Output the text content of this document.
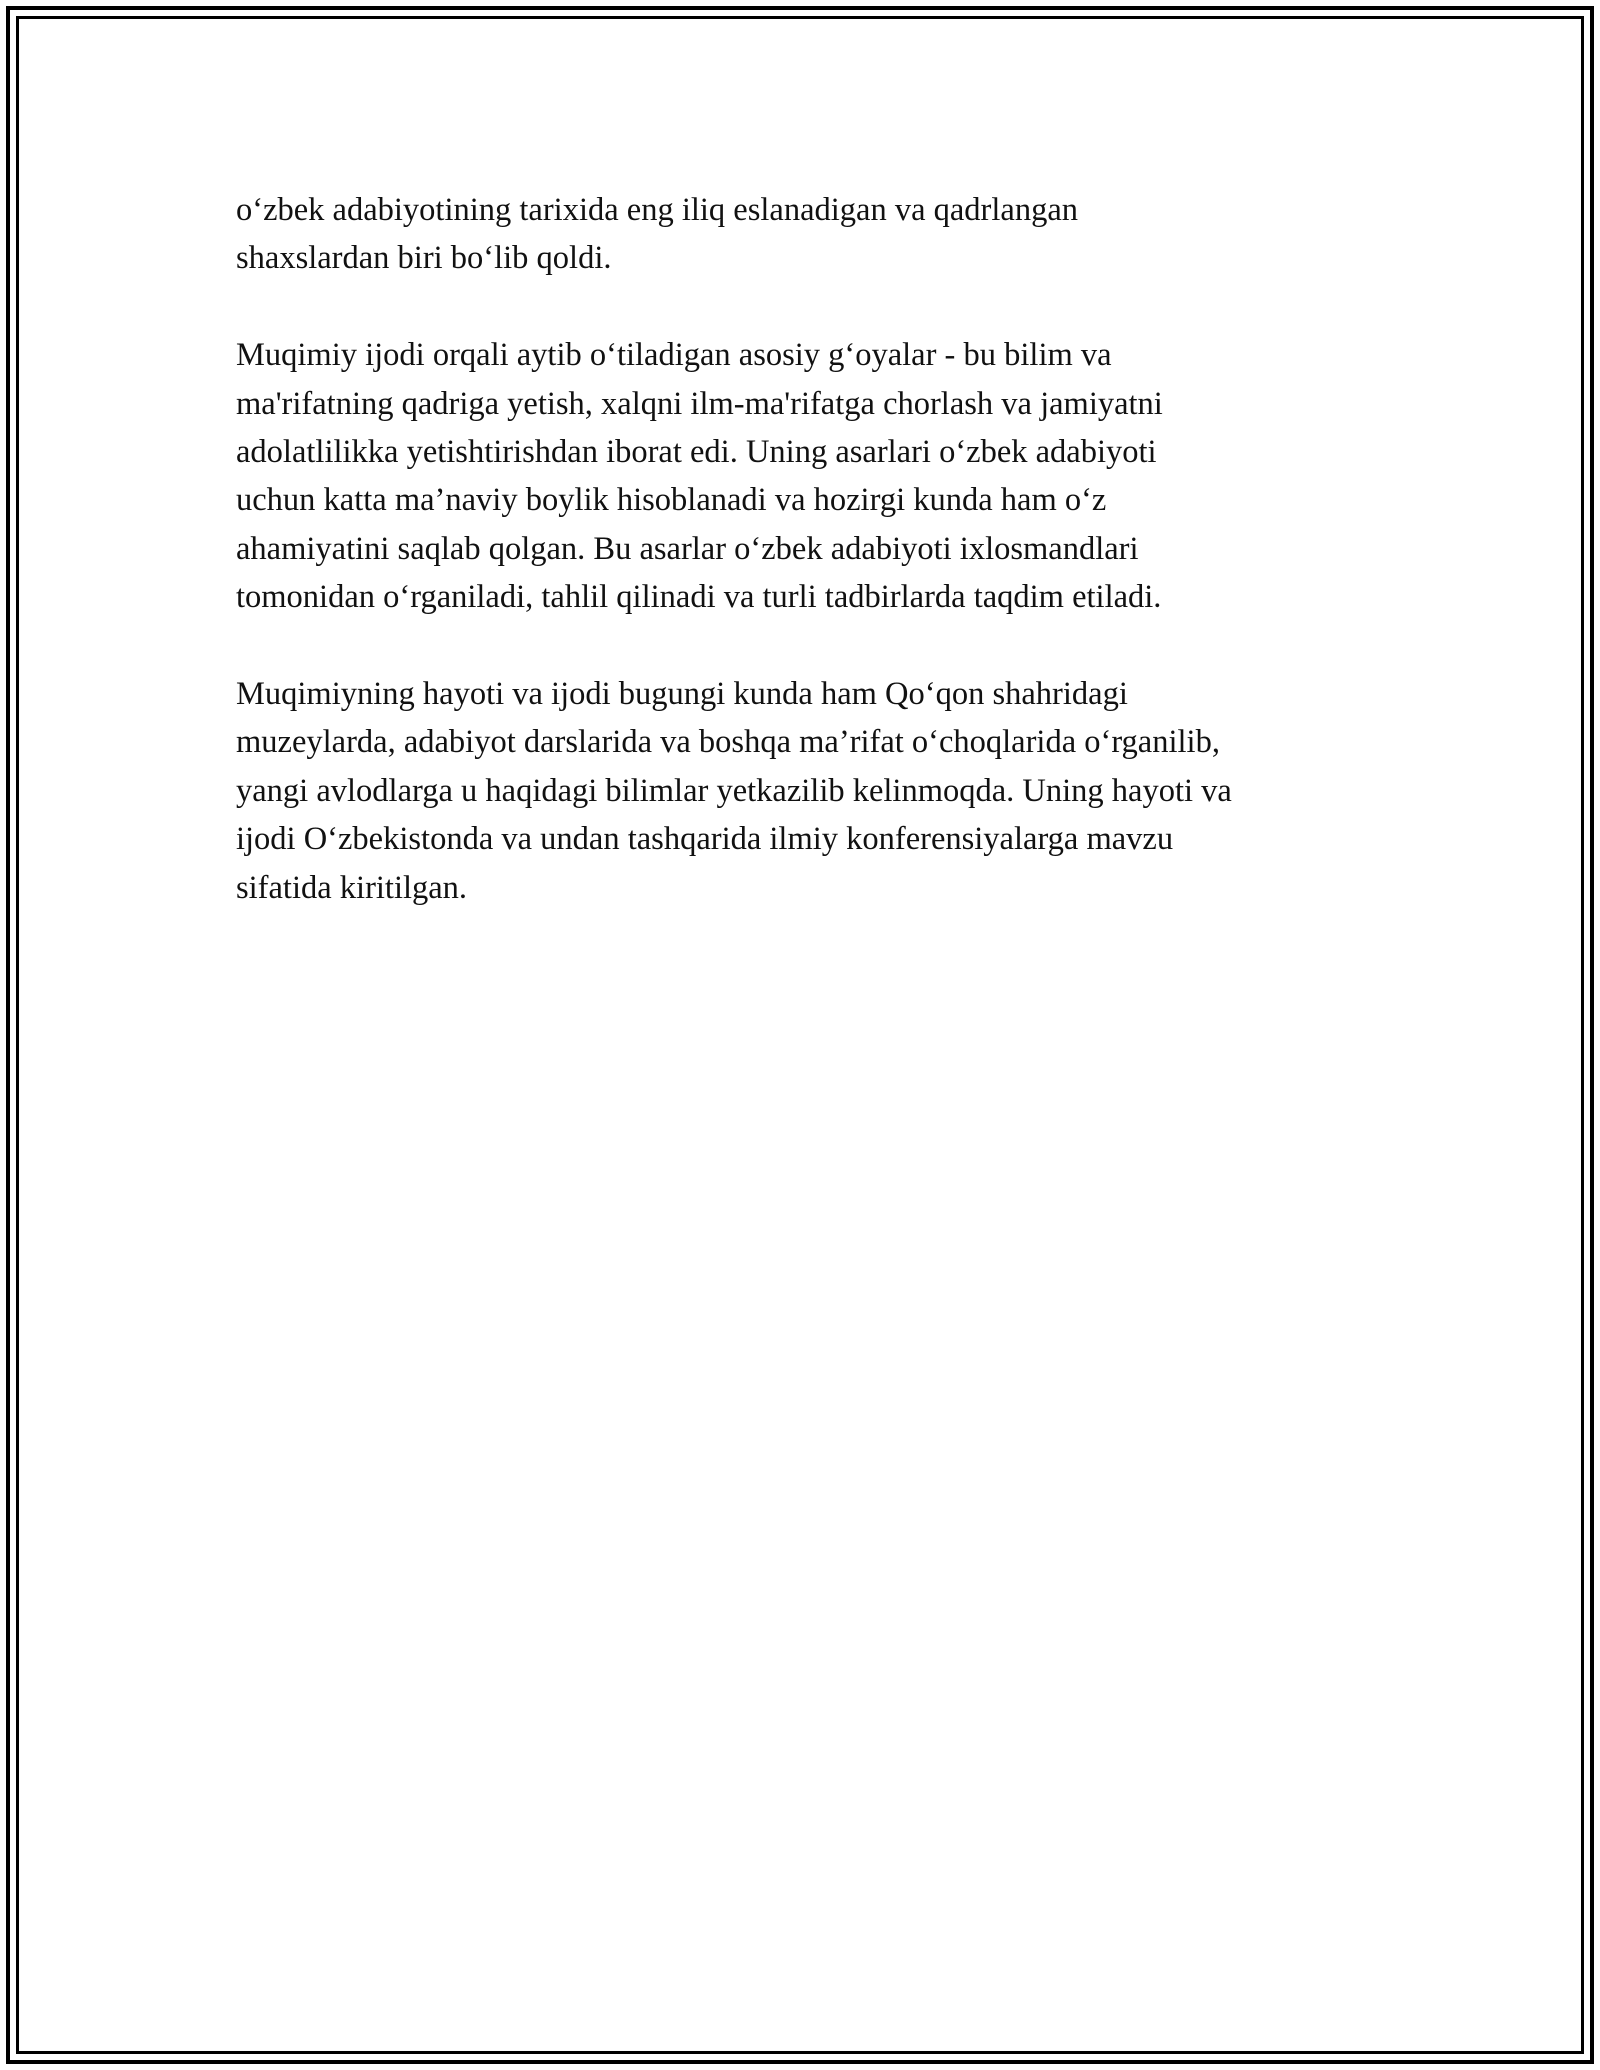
o‘zbek adabiyotining tarixida eng iliq eslanadigan va qadrlangan
shaxslardan biri bo‘lib qoldi.

Muqimiy ijodi orqali aytib o‘tiladigan asosiy g‘oyalar - bu bilim va
ma'rifatning qadriga yetish, xalqni ilm-ma'rifatga chorlash va jamiyatni
adolatlilikka yetishtirishdan iborat edi. Uning asarlari o‘zbek adabiyoti
uchun katta ma’naviy boylik hisoblanadi va hozirgi kunda ham o‘z
ahamiyatini saqlab qolgan. Bu asarlar o‘zbek adabiyoti ixlosmandlari
tomonidan o‘rganiladi, tahlil qilinadi va turli tadbirlarda taqdim etiladi.

Muqimiyning hayoti va ijodi bugungi kunda ham Qo‘qon shahridagi
muzeylarda, adabiyot darslarida va boshqa ma’rifat o‘choqlarida o‘rganilib,
yangi avlodlarga u haqidagi bilimlar yetkazilib kelinmoqda. Uning hayoti va
ijodi O‘zbekistonda va undan tashqarida ilmiy konferensiyalarga mavzu
sifatida kiritilgan.
